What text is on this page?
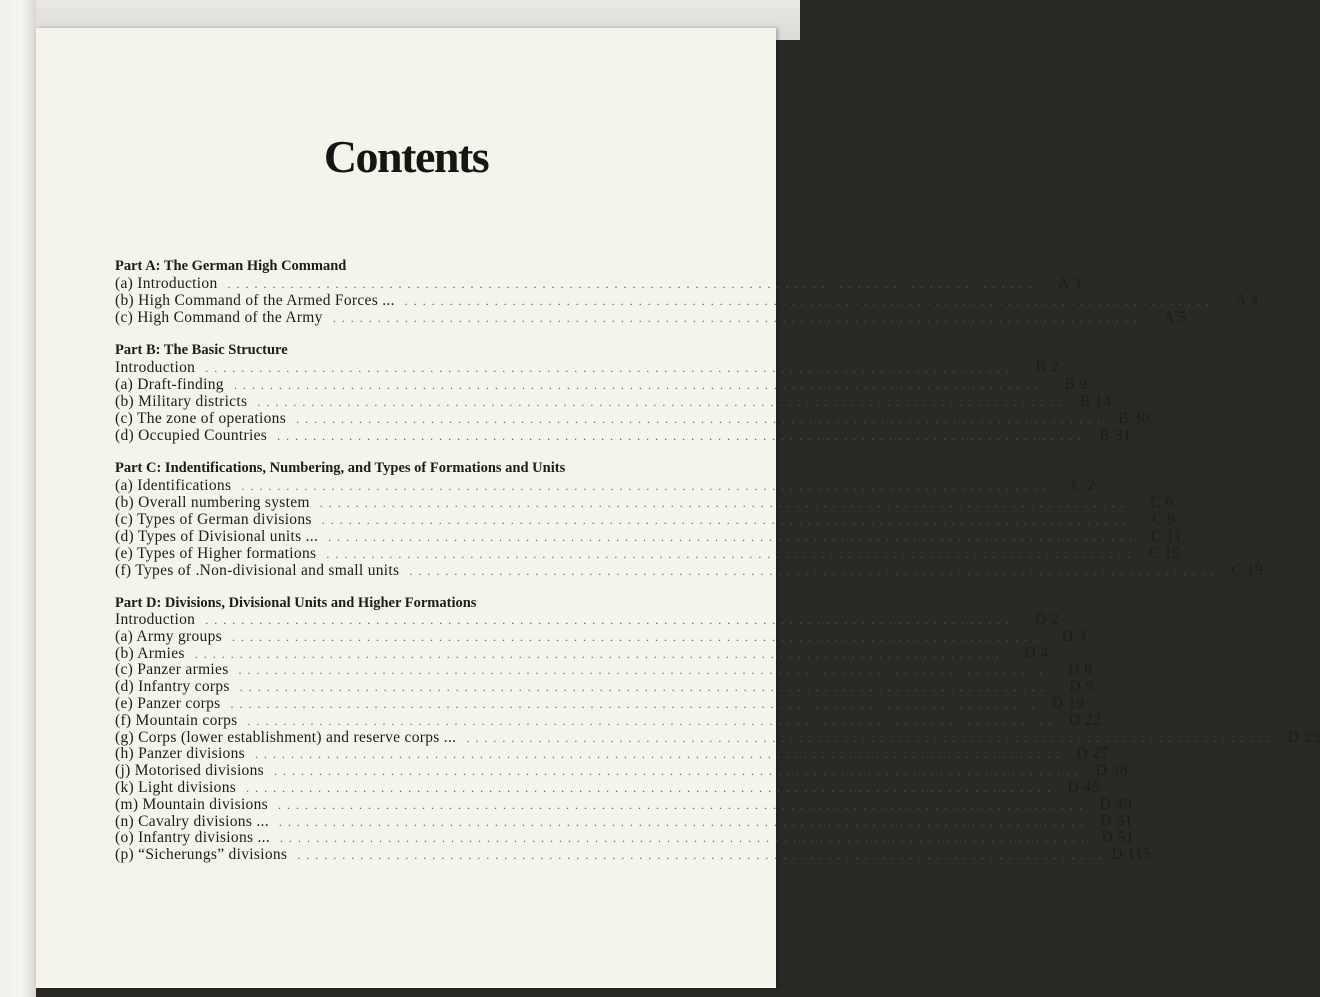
Contents
Part A: The German High Command
(a) Introduction ..........................................................................................	A 3
(b) High Command of the Armed Forces ... ..........................................................................................	A 4
(c) High Command of the Army ..........................................................................................	A 5
Part B: The Basic Structure
Introduction ..........................................................................................	B 2
(a) Draft-finding ..........................................................................................	B 9
(b) Military districts .......................................................................................... B 14
(c) The zone of operations .......................................................................................... B 30
(d) Occupied Countries .......................................................................................... B 31
Part C: Indentifications, Numbering, and Types of Formations and Units
(a) Identifications ..........................................................................................	C 2
(b) Overall numbering system ..........................................................................................	C 6
(c) Types of German divisions ..........................................................................................	C 9
(d) Types of Divisional units ... .......................................................................................... C 11
(e) Types of Higher formations .......................................................................................... C 15
(f) Types of .Non-divisional and small units .......................................................................................... C 19
Part D: Divisions, Divisional Units and Higher Formations
Introduction ..........................................................................................	D 2
(a) Army groups ..........................................................................................	D 3
(b) Armies ..........................................................................................	D 4
(c) Panzer armies ..........................................................................................	D 8
(d) Infantry corps ..........................................................................................	D 9
(e) Panzer corps .......................................................................................... D 19
(f) Mountain corps .......................................................................................... D 22
(g) Corps (lower establishment) and reserve corps ... .......................................................................................... D 23
(h) Panzer divisions .......................................................................................... D 27
(j) Motorised divisions .......................................................................................... D 38
(k) Light divisions .......................................................................................... D 45
(m) Mountain divisions .......................................................................................... D 48
(n) Cavalry divisions ... .......................................................................................... D 51
(o) Infantry divisions ... .......................................................................................... D 51
(p) “Sicherungs” divisions .......................................................................................... D 115
